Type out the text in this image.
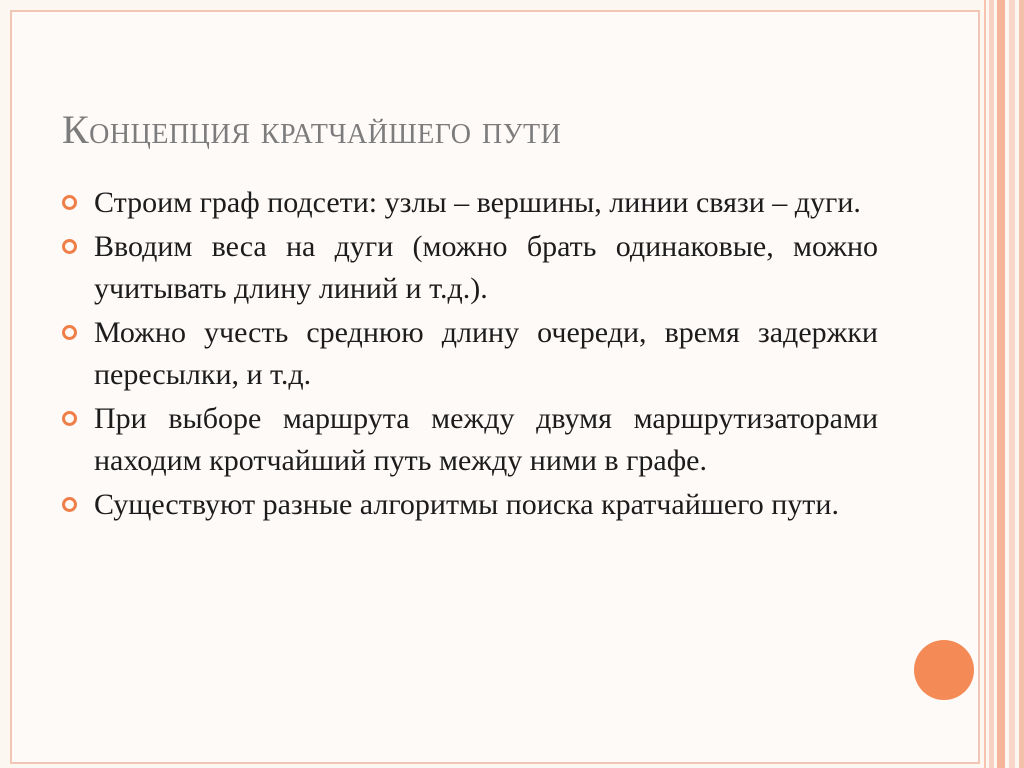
Концепция кратчайшего пути
Строим граф подсети: узлы – вершины, линии связи – дуги.
Вводим веса на дуги (можно брать одинаковые, можно учитывать длину линий и т.д.).
Можно учесть среднюю длину очереди, время задержки пересылки, и т.д.
При выборе маршрута между двумя маршрутизаторами находим кротчайший путь между ними в графе.
Существуют разные алгоритмы поиска кратчайшего пути.
